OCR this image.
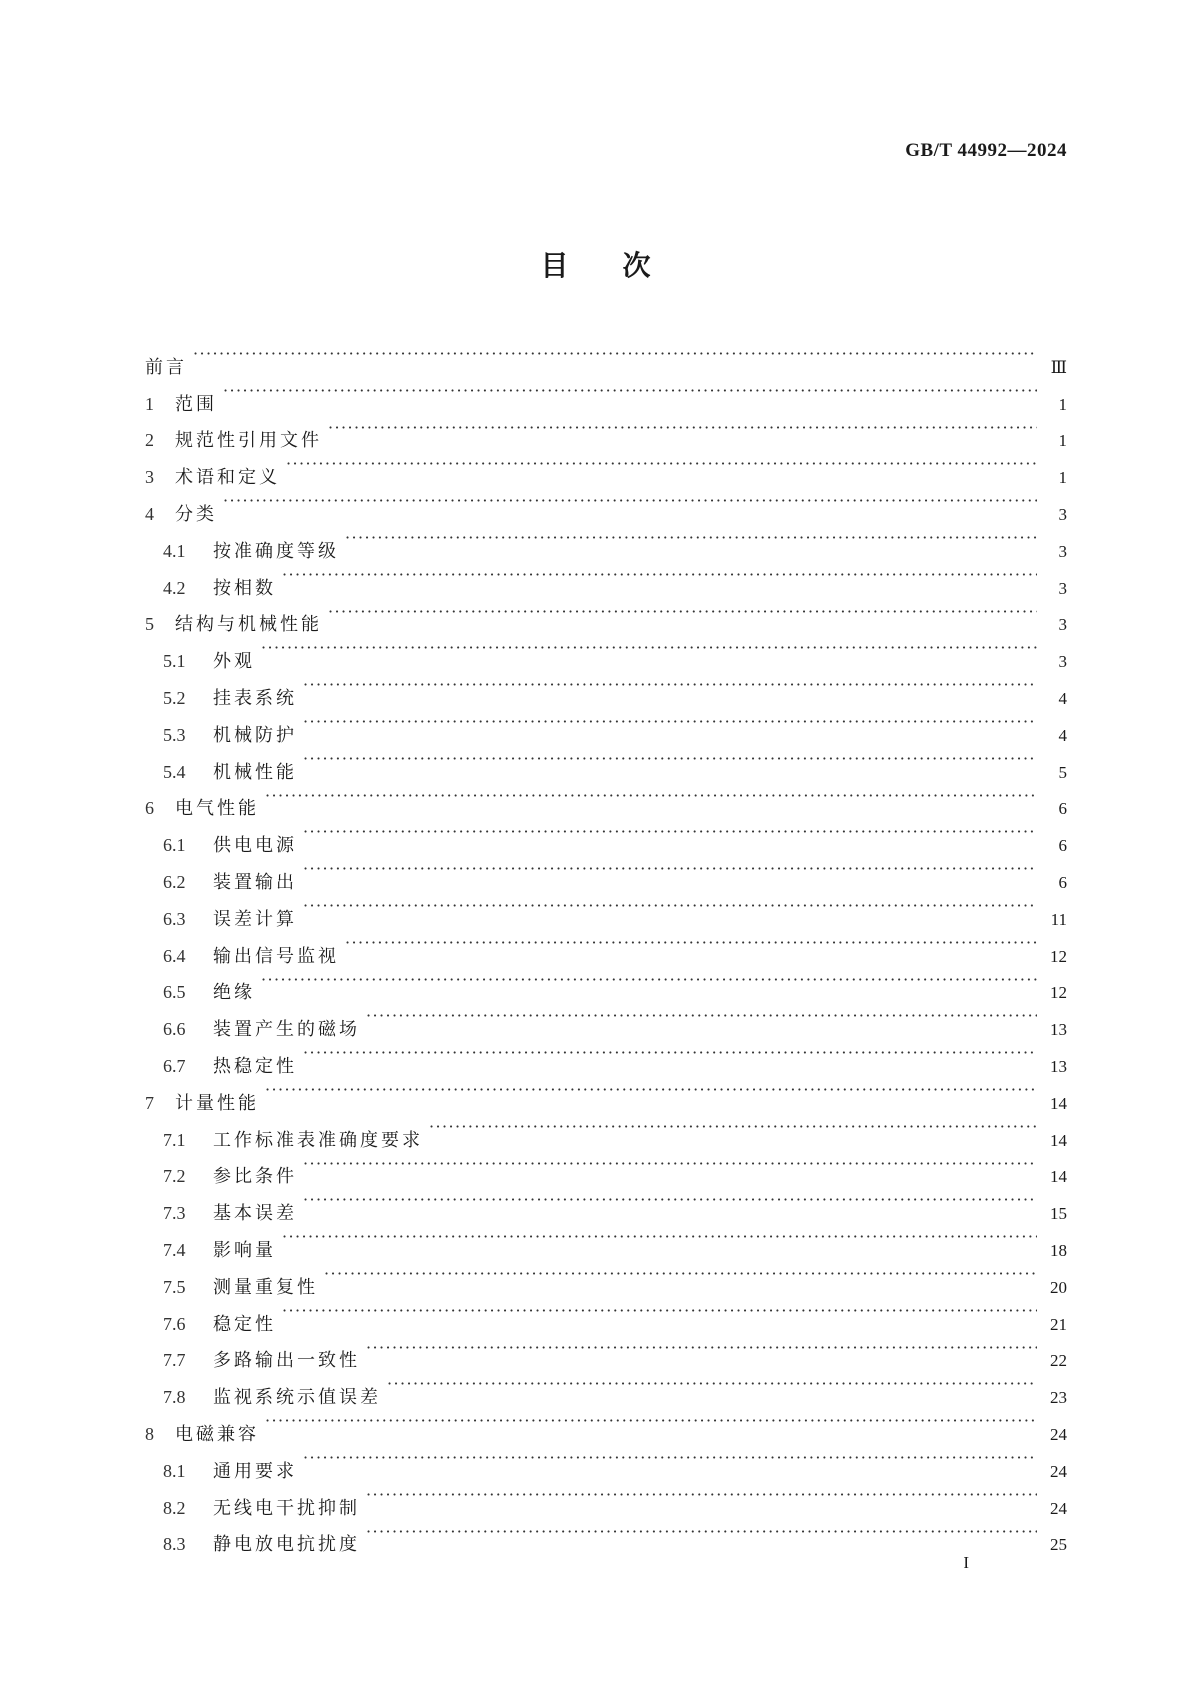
GB/T 44992—2024
目次
前言 ·····	Ⅲ
1	范围 ·····	1
2	规范性引用文件 ·····	1
3	术语和定义 ·····	1
4	分类 ·····	3
4.1	按准确度等级 ·····	3
4.2	按相数 ·····	3
5	结构与机械性能 ·····	3
5.1	外观 ·····	3
5.2	挂表系统 ·····	4
5.3	机械防护 ·····	4
5.4	机械性能 ·····	5
6	电气性能 ·····	6
6.1	供电电源 ·····	6
6.2	装置输出 ·····	6
6.3	误差计算 ·····	11
6.4	输出信号监视 ·····	12
6.5	绝缘 ·····	12
6.6	装置产生的磁场 ·····	13
6.7	热稳定性 ·····	13
7	计量性能 ·····	14
7.1	工作标准表准确度要求 ·····	14
7.2	参比条件 ·····	14
7.3	基本误差 ·····	15
7.4	影响量 ·····	18
7.5	测量重复性 ·····	20
7.6	稳定性 ·····	21
7.7	多路输出一致性 ·····	22
7.8	监视系统示值误差 ·····	23
8	电磁兼容 ·····	24
8.1	通用要求 ·····	24
8.2	无线电干扰抑制 ·····	24
8.3	静电放电抗扰度 ·····	25
I
